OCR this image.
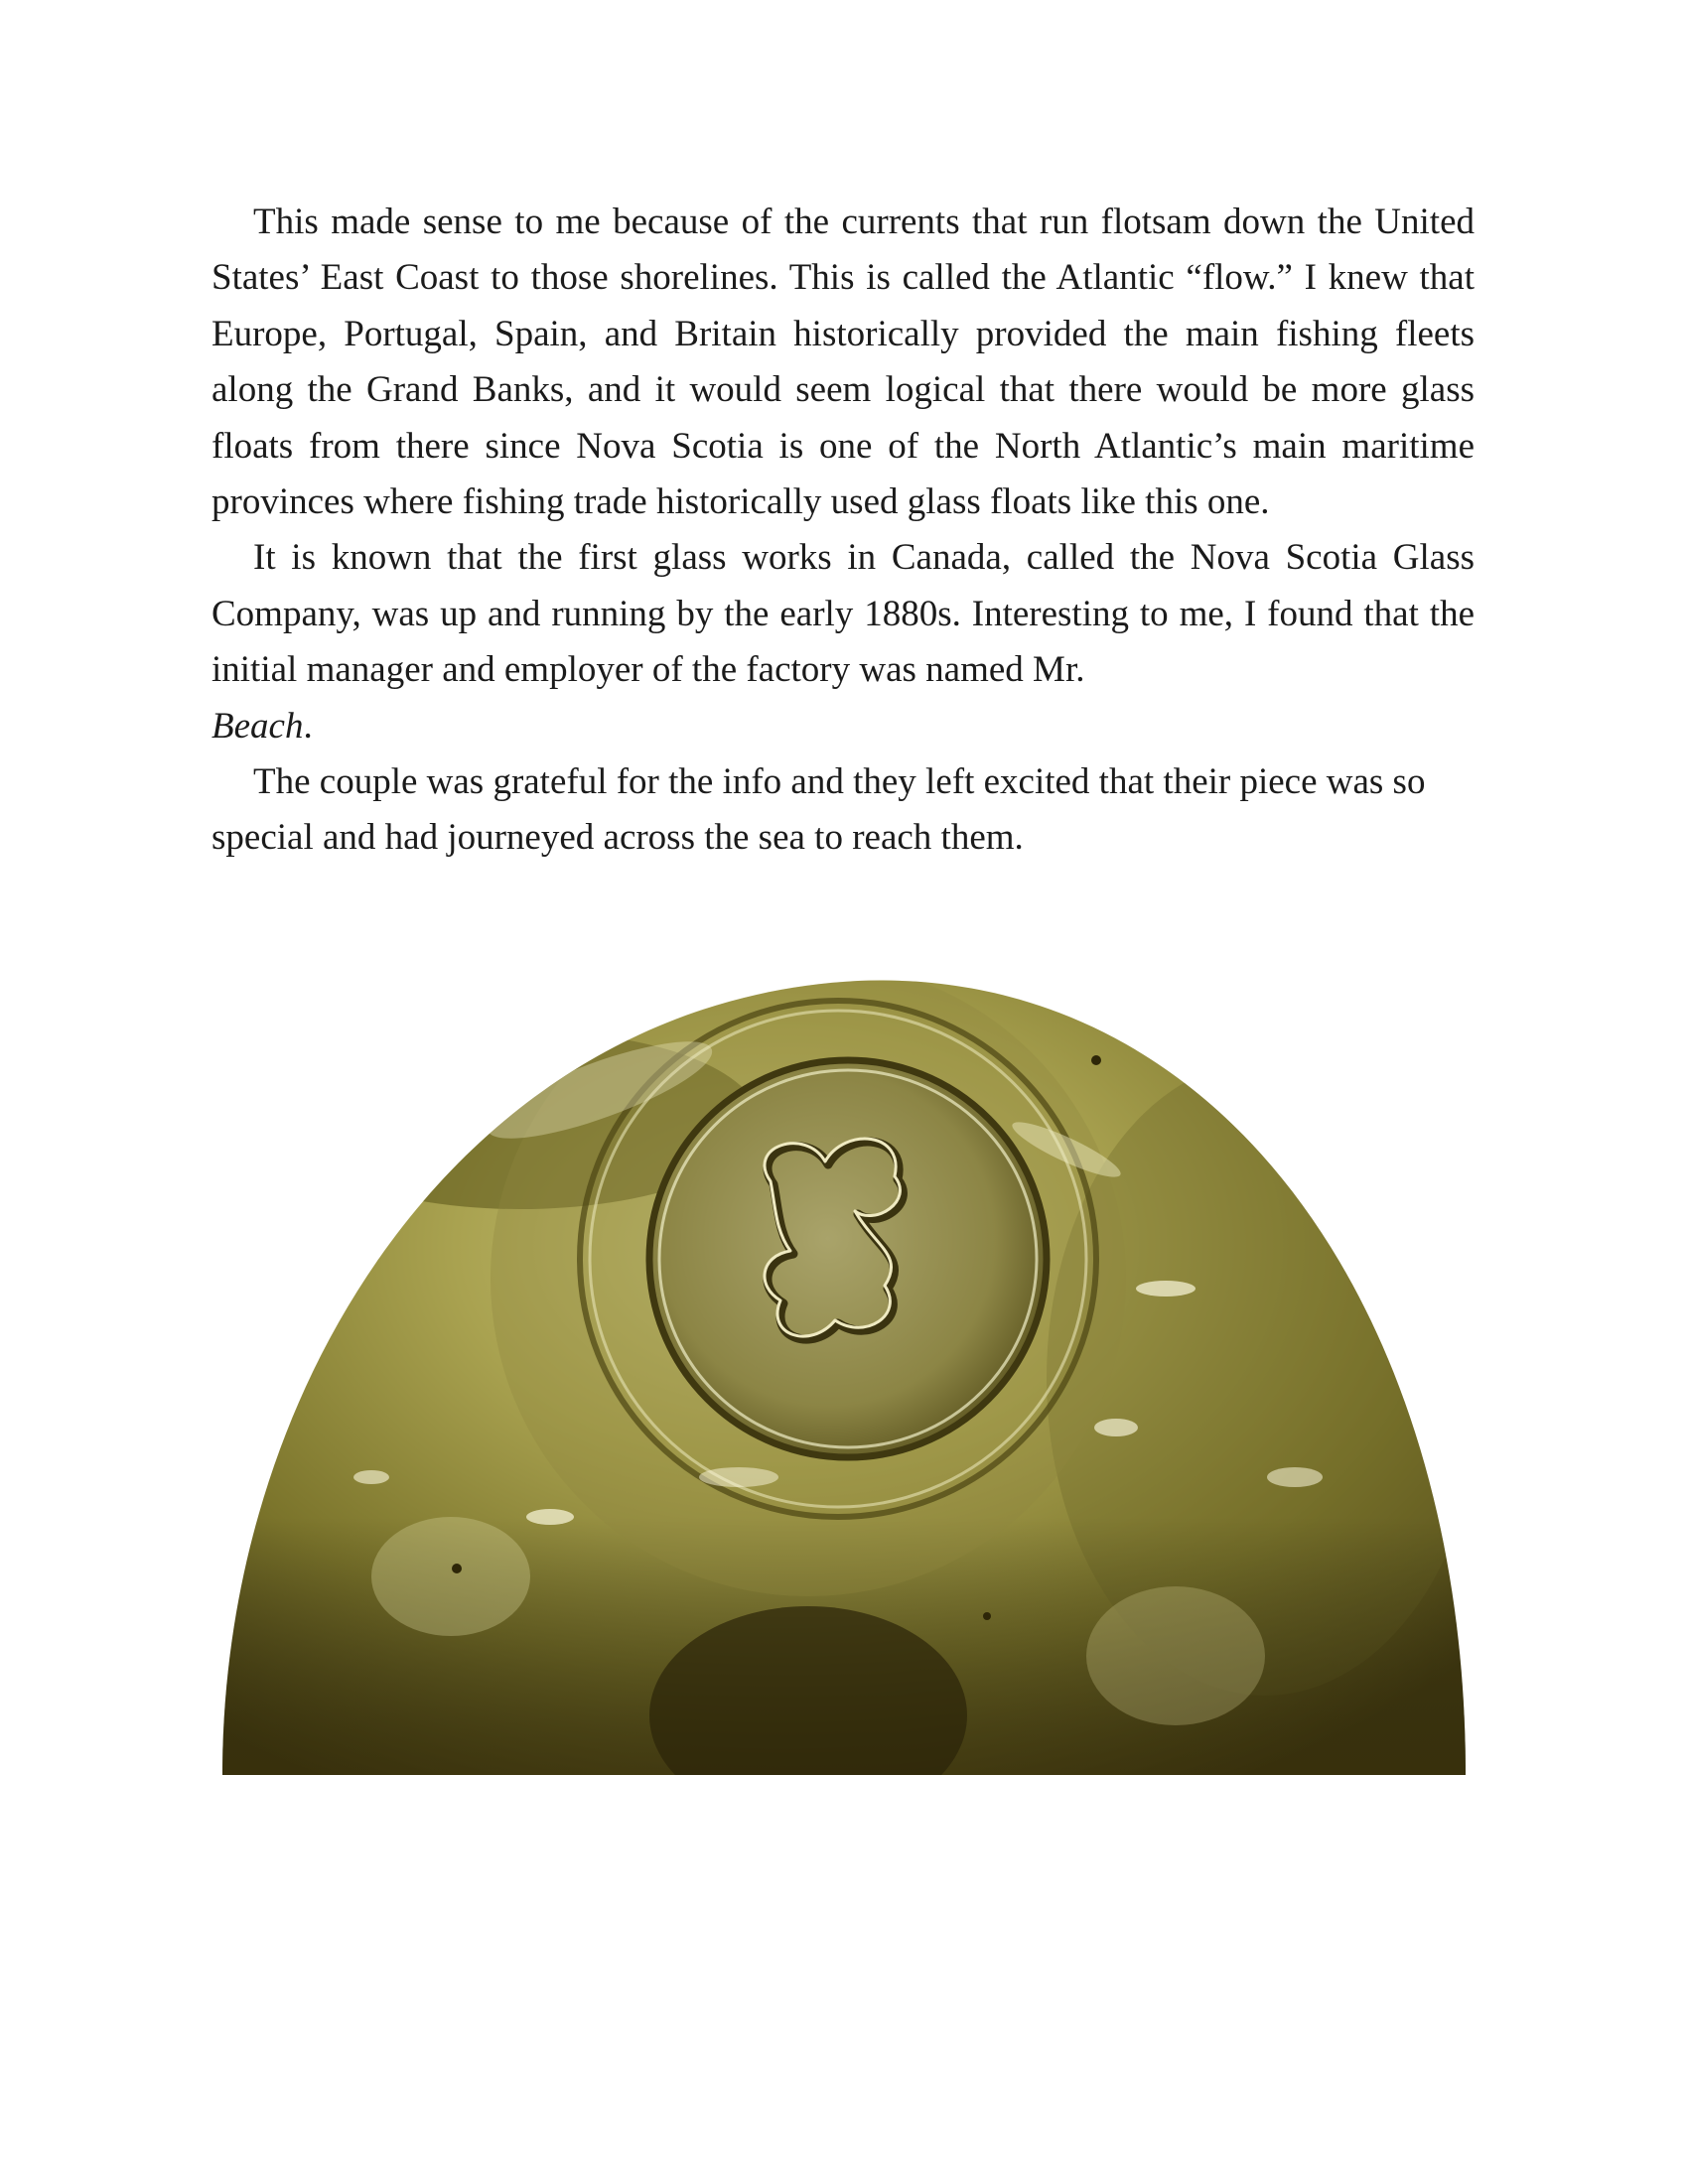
This made sense to me because of the currents that run flotsam down the United States’ East Coast to those shorelines. This is called the Atlantic “flow.” I knew that Europe, Portugal, Spain, and Britain historically provided the main fishing fleets along the Grand Banks, and it would seem logical that there would be more glass floats from there since Nova Scotia is one of the North Atlantic’s main maritime provinces where fishing trade historically used glass floats like this one.

It is known that the first glass works in Canada, called the Nova Scotia Glass Company, was up and running by the early 1880s. Interesting to me, I found that the initial manager and employer of the factory was named Mr.
Beach.

The couple was grateful for the info and they left excited that their piece was so special and had journeyed across the sea to reach them.
